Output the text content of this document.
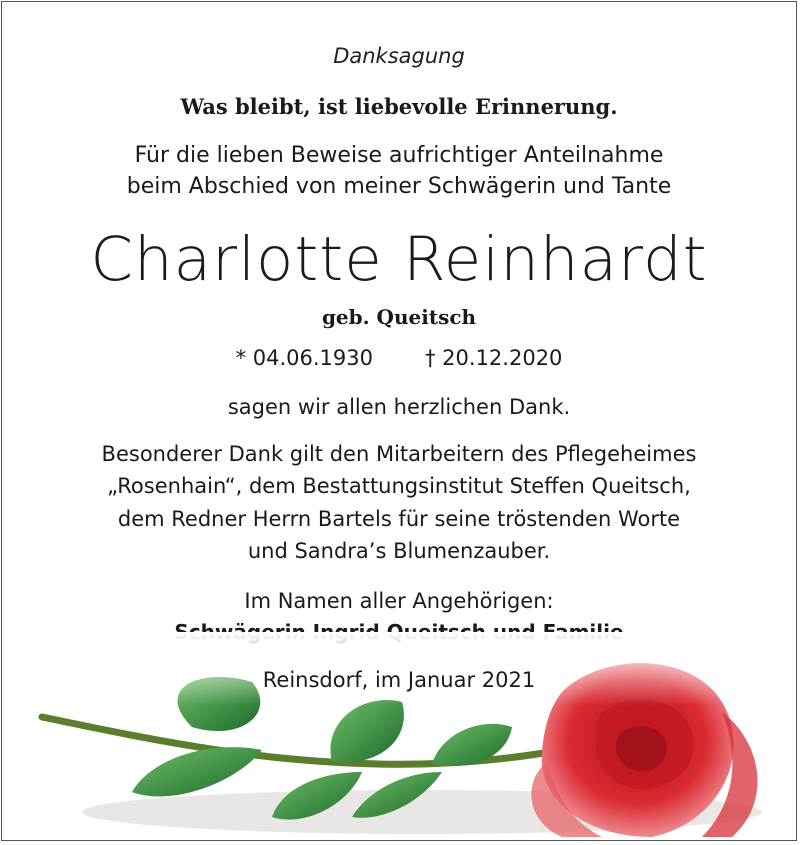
Danksagung

Was bleibt, ist liebevolle Erinnerung.

Für die lieben Beweise aufrichtiger Anteilnahme

beim Abschied von meiner Schwägerin und Tante

Charlotte Reinhardt

geb. Queitsch

* 04.06.1930 † 20.12.2020

sagen wir allen herzlichen Dank.

Besonderer Dank gilt den Mitarbeitern des Pflegeheimes

„Rosenhain“, dem Bestattungsinstitut Steffen Queitsch,

dem Redner Herrn Bartels für seine tröstenden Worte

und Sandra’s Blumenzauber.

Im Namen aller Angehörigen:

Reinsdorf, im Januar 2021
